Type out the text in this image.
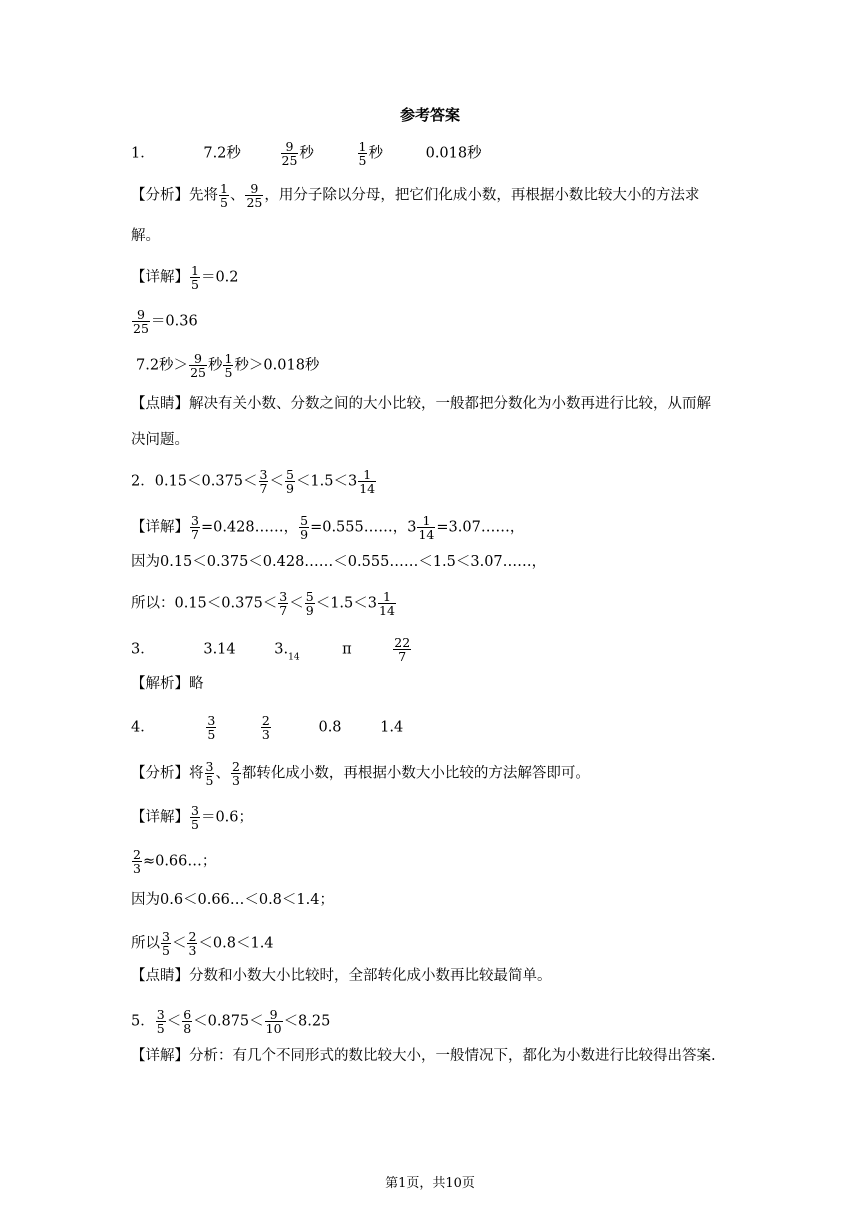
参考答案
1．	7.2秒	$\frac{9}{25}$ 秒	$\frac{1}{5}$ 秒	0.018秒
【分析】先将 $\frac{1}{5}$ 、 $\frac{9}{25}$ ，用分子除以分母，把它们化成小数，再根据小数比较大小的方法求
解。
【详解】 $\frac{1}{5} =0.2$
$\frac{9}{25} =0.36$
7.2秒＞ $\frac{9}{25}$ 秒 $\frac{1}{5}$ 秒＞0.018秒
【点睛】解决有关小数、分数之间的大小比较，一般都把分数化为小数再进行比较，从而解
决问题。
2．$0.15<0.375< \frac{3}{7} < \frac{5}{9} <1.5<3 \frac{1}{14}$
【详解】 $\frac{3}{7}$ =0.428……， $\frac{5}{9}$ =0.555……，$3 \frac{1}{14}$ =3.07……，
因为0.15＜0.375＜0.428……＜0.555……＜1.5＜3.07……，
所以：$0.15<0.375< \frac{3}{7} < \frac{5}{9} <1.5<3 \frac{1}{14}$
3．	3.14	$3._{14}$	π	$\frac{22}{7}$
【解析】略
4．	$\frac{3}{5}$
	$\frac{2}{3}$	0.8	1.4
【分析】将 $\frac{3}{5}$ 、 $\frac{2}{3}$ 都转化成小数，再根据小数大小比较的方法解答即可。
【详解】 $\frac{3}{5} =0.6$；
$\frac{2}{3}$ ≈0.66…；
因为0.6＜0.66…＜0.8＜1.4；
所以 $\frac{3}{5} < \frac{2}{3} <0.8<1.4$
【点睛】分数和小数大小比较时，全部转化成小数再比较最简单。
5． $\frac{3}{5} < \frac{6}{8} <0.875< \frac{9}{10} <8.25$
【详解】分析：有几个不同形式的数比较大小，一般情况下，都化为小数进行比较得出答案.
第1页，共10页
